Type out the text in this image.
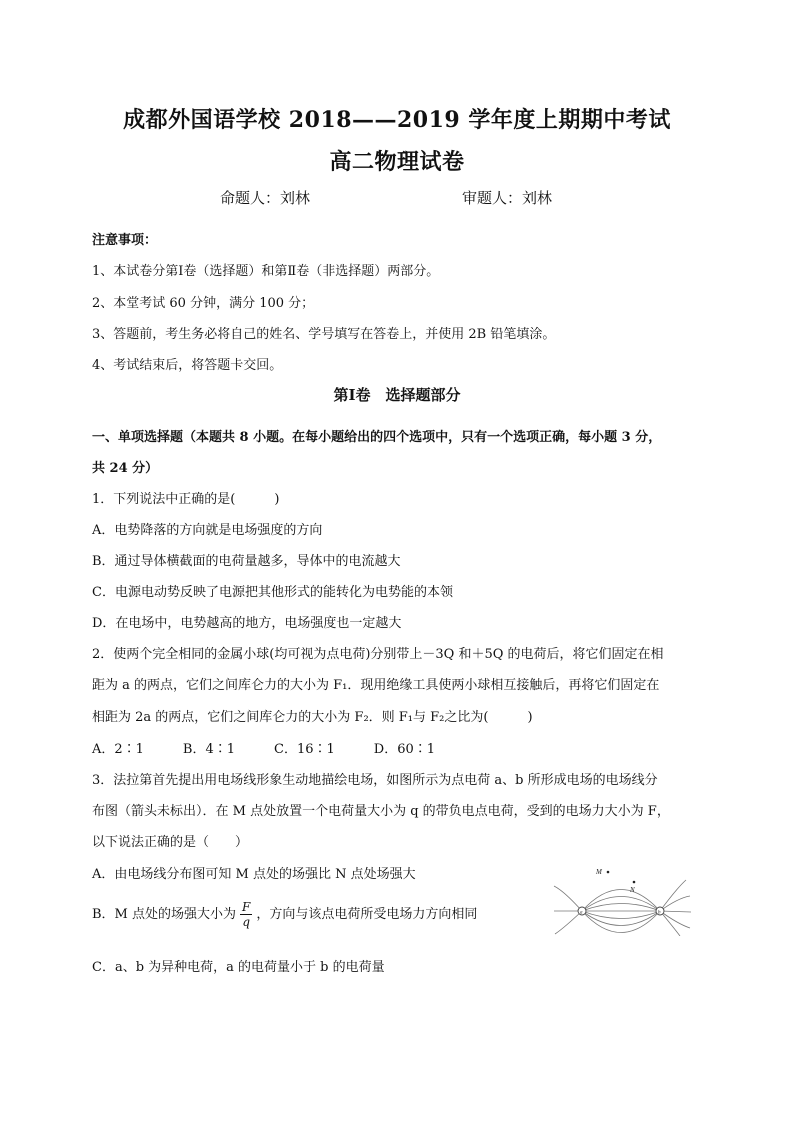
成都外国语学校 2018——2019 学年度上期期中考试
高二物理试卷
命题人：刘林	审题人：刘林
注意事项：
1、本试卷分第Ⅰ卷（选择题）和第Ⅱ卷（非选择题）两部分。
2、本堂考试 60 分钟，满分 100 分；
3、答题前，考生务必将自己的姓名、学号填写在答卷上，并使用 2B 铅笔填涂。
4、考试结束后，将答题卡交回。
第Ⅰ卷　选择题部分
一、单项选择题（本题共 8 小题。在每小题给出的四个选项中，只有一个选项正确，每小题 3 分，
共 24 分）
1．下列说法中正确的是(　　　)
A．电势降落的方向就是电场强度的方向
B．通过导体横截面的电荷量越多，导体中的电流越大
C．电源电动势反映了电源把其他形式的能转化为电势能的本领
D．在电场中，电势越高的地方，电场强度也一定越大
2．使两个完全相同的金属小球(均可视为点电荷)分别带上－3Q 和＋5Q 的电荷后，将它们固定在相
距为 a 的两点，它们之间库仑力的大小为 F₁．现用绝缘工具使两小球相互接触后，再将它们固定在
相距为 2a 的两点，它们之间库仑力的大小为 F₂．则 F₁与 F₂之比为(　　　)
A．2∶1　　　B．4∶1　　　C．16∶1　　　D．60∶1
3．法拉第首先提出用电场线形象生动地描绘电场，如图所示为点电荷 a、b 所形成电场的电场线分
布图（箭头未标出）．在 M 点处放置一个电荷量大小为 q 的带负电点电荷，受到的电场力大小为 F，
以下说法正确的是（　　）
A．由电场线分布图可知 M 点处的场强比 N 点处场强大
B．M 点处的场强大小为 $\frac{F}{q}$ ，方向与该点电荷所受电场力方向相同
C．a、b 为异种电荷，a 的电荷量小于 b 的电荷量
M
N
a	b
